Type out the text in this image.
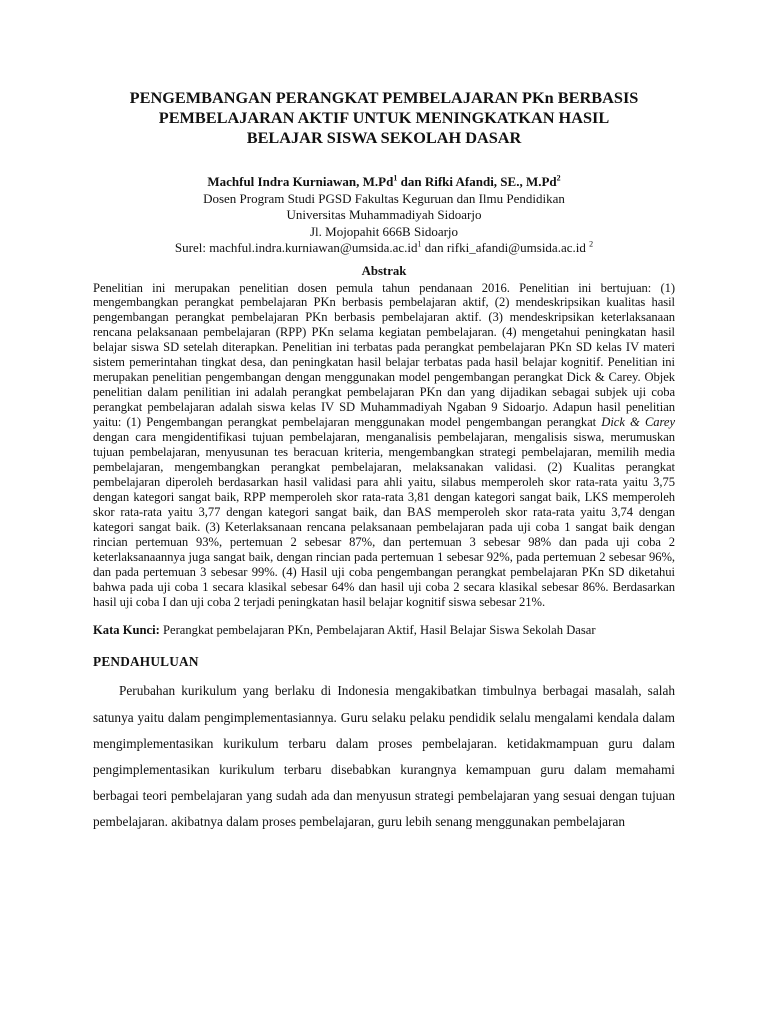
PENGEMBANGAN PERANGKAT PEMBELAJARAN PKn BERBASIS
PEMBELAJARAN AKTIF UNTUK MENINGKATKAN HASIL
BELAJAR SISWA SEKOLAH DASAR
Machful Indra Kurniawan, M.Pd$^1$ dan Rifki Afandi, SE., M.Pd$^2$
Dosen Program Studi PGSD Fakultas Keguruan dan Ilmu Pendidikan
Universitas Muhammadiyah Sidoarjo
Jl. Mojopahit 666B Sidoarjo
Surel: $machful.indra.kurniawan@umsida.ac.id^1$ dan rifki_afandi@umsida.ac.id $^2$
Abstrak

Penelitian ini merupakan penelitian dosen pemula tahun pendanaan 2016. Penelitian ini bertujuan: (1) mengembangkan perangkat pembelajaran PKn berbasis pembelajaran aktif, (2) mendeskripsikan kualitas hasil pengembangan perangkat pembelajaran PKn berbasis pembelajaran aktif. (3) mendeskripsikan keterlaksanaan rencana pelaksanaan pembelajaran (RPP) PKn selama kegiatan pembelajaran. (4) mengetahui peningkatan hasil belajar siswa SD setelah diterapkan. Penelitian ini terbatas pada perangkat pembelajaran PKn SD kelas IV materi sistem pemerintahan tingkat desa, dan peningkatan hasil belajar terbatas pada hasil belajar kognitif. Penelitian ini merupakan penelitian pengembangan dengan menggunakan model pengembangan perangkat Dick & Carey. Objek penelitian dalam penilitian ini adalah perangkat pembelajaran PKn dan yang dijadikan sebagai subjek uji coba perangkat pembelajaran adalah siswa kelas IV SD Muhammadiyah Ngaban 9 Sidoarjo. Adapun hasil penelitian yaitu: (1) Pengembangan perangkat pembelajaran menggunakan model pengembangan perangkat Dick & Carey dengan cara mengidentifikasi tujuan pembelajaran, menganalisis pembelajaran, mengalisis siswa, merumuskan tujuan pembelajaran, menyusunan tes beracuan kriteria, mengembangkan strategi pembelajaran, memilih media pembelajaran, mengembangkan perangkat pembelajaran, melaksanakan validasi. (2) Kualitas perangkat pembelajaran diperoleh berdasarkan hasil validasi para ahli yaitu, silabus memperoleh skor rata-rata yaitu 3,75 dengan kategori sangat baik, RPP memperoleh skor rata-rata 3,81 dengan kategori sangat baik, LKS memperoleh skor rata-rata yaitu 3,77 dengan kategori sangat baik, dan BAS memperoleh skor rata-rata yaitu 3,74 dengan kategori sangat baik. (3) Keterlaksanaan rencana pelaksanaan pembelajaran pada uji coba 1 sangat baik dengan rincian pertemuan 93%, pertemuan 2 sebesar 87%, dan pertemuan 3 sebesar 98% dan pada uji coba 2 keterlaksanaannya juga sangat baik, dengan rincian pada pertemuan 1 sebesar 92%, pada pertemuan 2 sebesar 96%, dan pada pertemuan 3 sebesar 99%. (4) Hasil uji coba pengembangan perangkat pembelajaran PKn SD diketahui bahwa pada uji coba 1 secara klasikal sebesar 64% dan hasil uji coba 2 secara klasikal sebesar 86%. Berdasarkan hasil uji coba I dan uji coba 2 terjadi peningkatan hasil belajar kognitif siswa sebesar 21%.

Kata Kunci: Perangkat pembelajaran PKn, Pembelajaran Aktif, Hasil Belajar Siswa Sekolah Dasar
PENDAHULUAN

Perubahan kurikulum yang berlaku di Indonesia mengakibatkan timbulnya berbagai masalah, salah satunya yaitu dalam pengimplementasiannya. Guru selaku pelaku pendidik selalu mengalami kendala dalam mengimplementasikan kurikulum terbaru dalam proses pembelajaran. ketidakmampuan guru dalam pengimplementasikan kurikulum terbaru disebabkan kurangnya kemampuan guru dalam memahami berbagai teori pembelajaran yang sudah ada dan menyusun strategi pembelajaran yang sesuai dengan tujuan pembelajaran. akibatnya dalam proses pembelajaran, guru lebih senang menggunakan pembelajaran
